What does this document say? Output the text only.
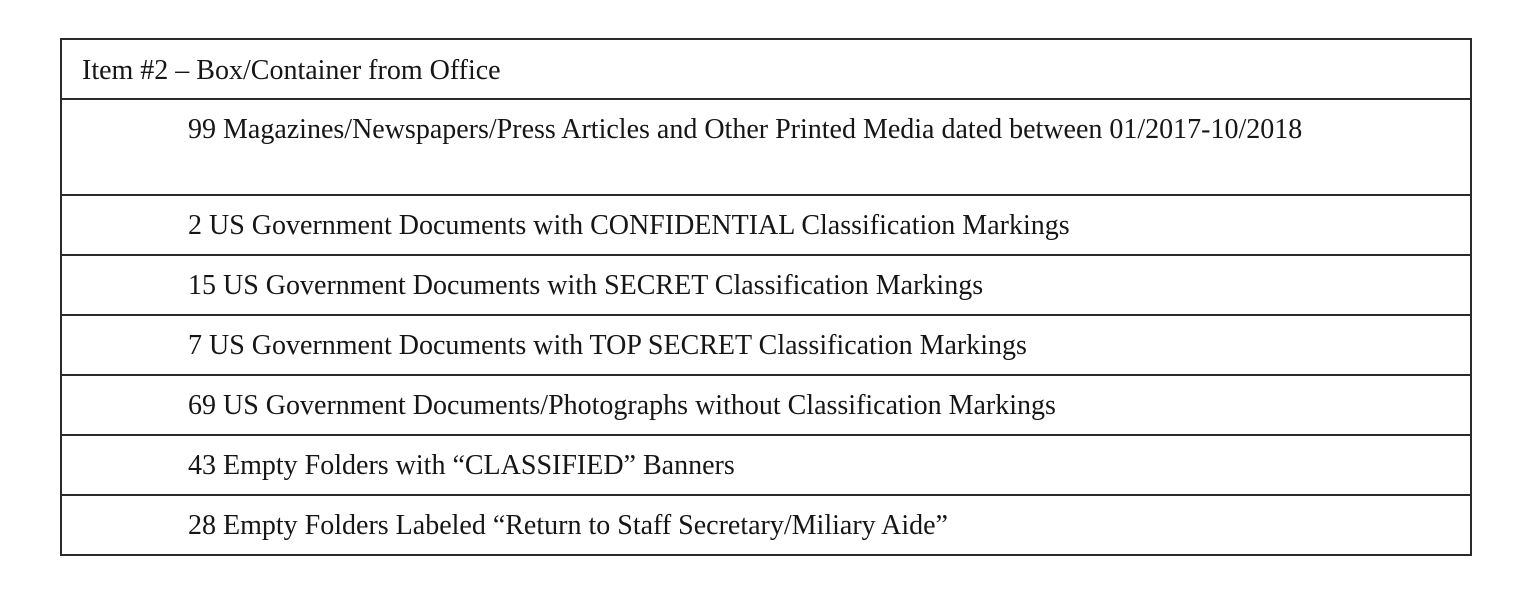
Item #2 – Box/Container from Office
99 Magazines/Newspapers/Press Articles and Other Printed Media dated between 01/2017-10/2018
2 US Government Documents with CONFIDENTIAL Classification Markings
15 US Government Documents with SECRET Classification Markings
7 US Government Documents with TOP SECRET Classification Markings
69 US Government Documents/Photographs without Classification Markings
43 Empty Folders with “CLASSIFIED” Banners
28 Empty Folders Labeled “Return to Staff Secretary/Miliary Aide”
